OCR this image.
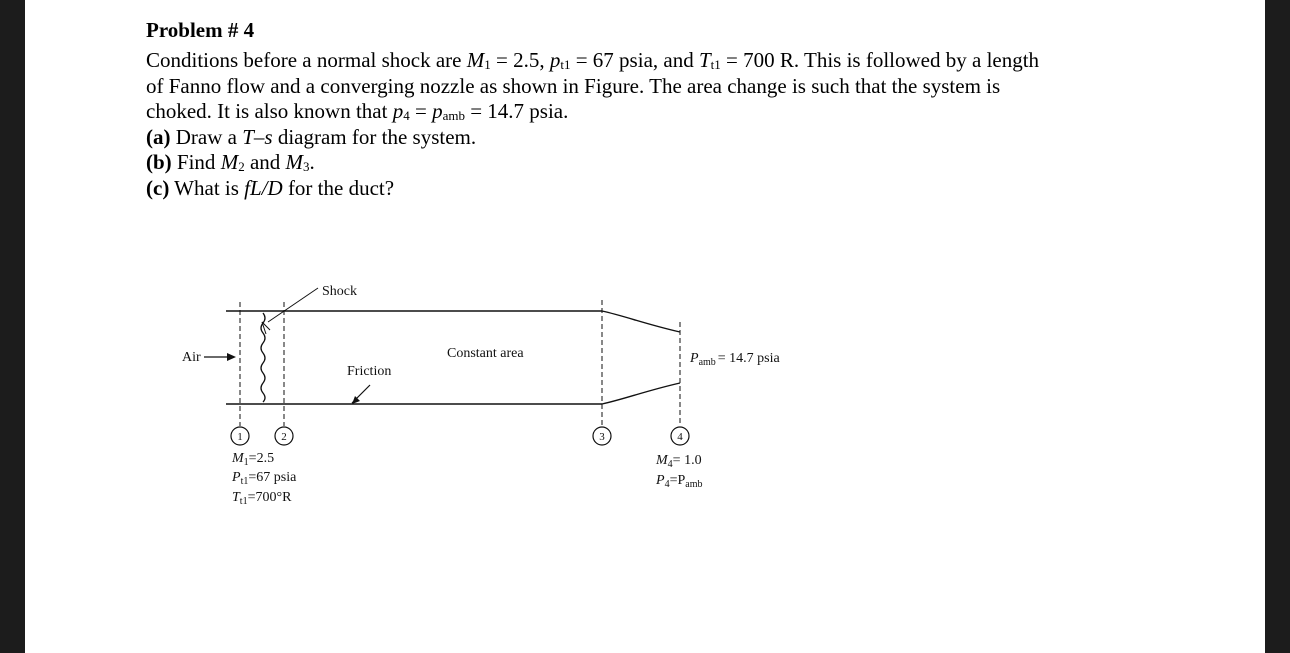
Problem # 4
Conditions before a normal shock are $M_1 = 2.5$, $p_{t1} = 67$ psia, and $T_{t1} = 700$ R. This is followed by a length
of Fanno flow and a converging nozzle as shown in Figure. The area change is such that the system is
choked. It is also known that $p_4 = p_{amb} = 14.7$ psia.
(a) Draw a T–s diagram for the system.
(b) Find $M_2$ and $M_3$.
(c) What is fL/D for the duct?
Shock
Air	Constant area
Friction
$P_{amb} = 14.7$ psia
1	2	3	4
$M_1=2.5$
$P_{t1}=67$ psia
$T_{t1}=700^\circ R$
$M_4= 1.0$
$P_4=P_{amb}$
